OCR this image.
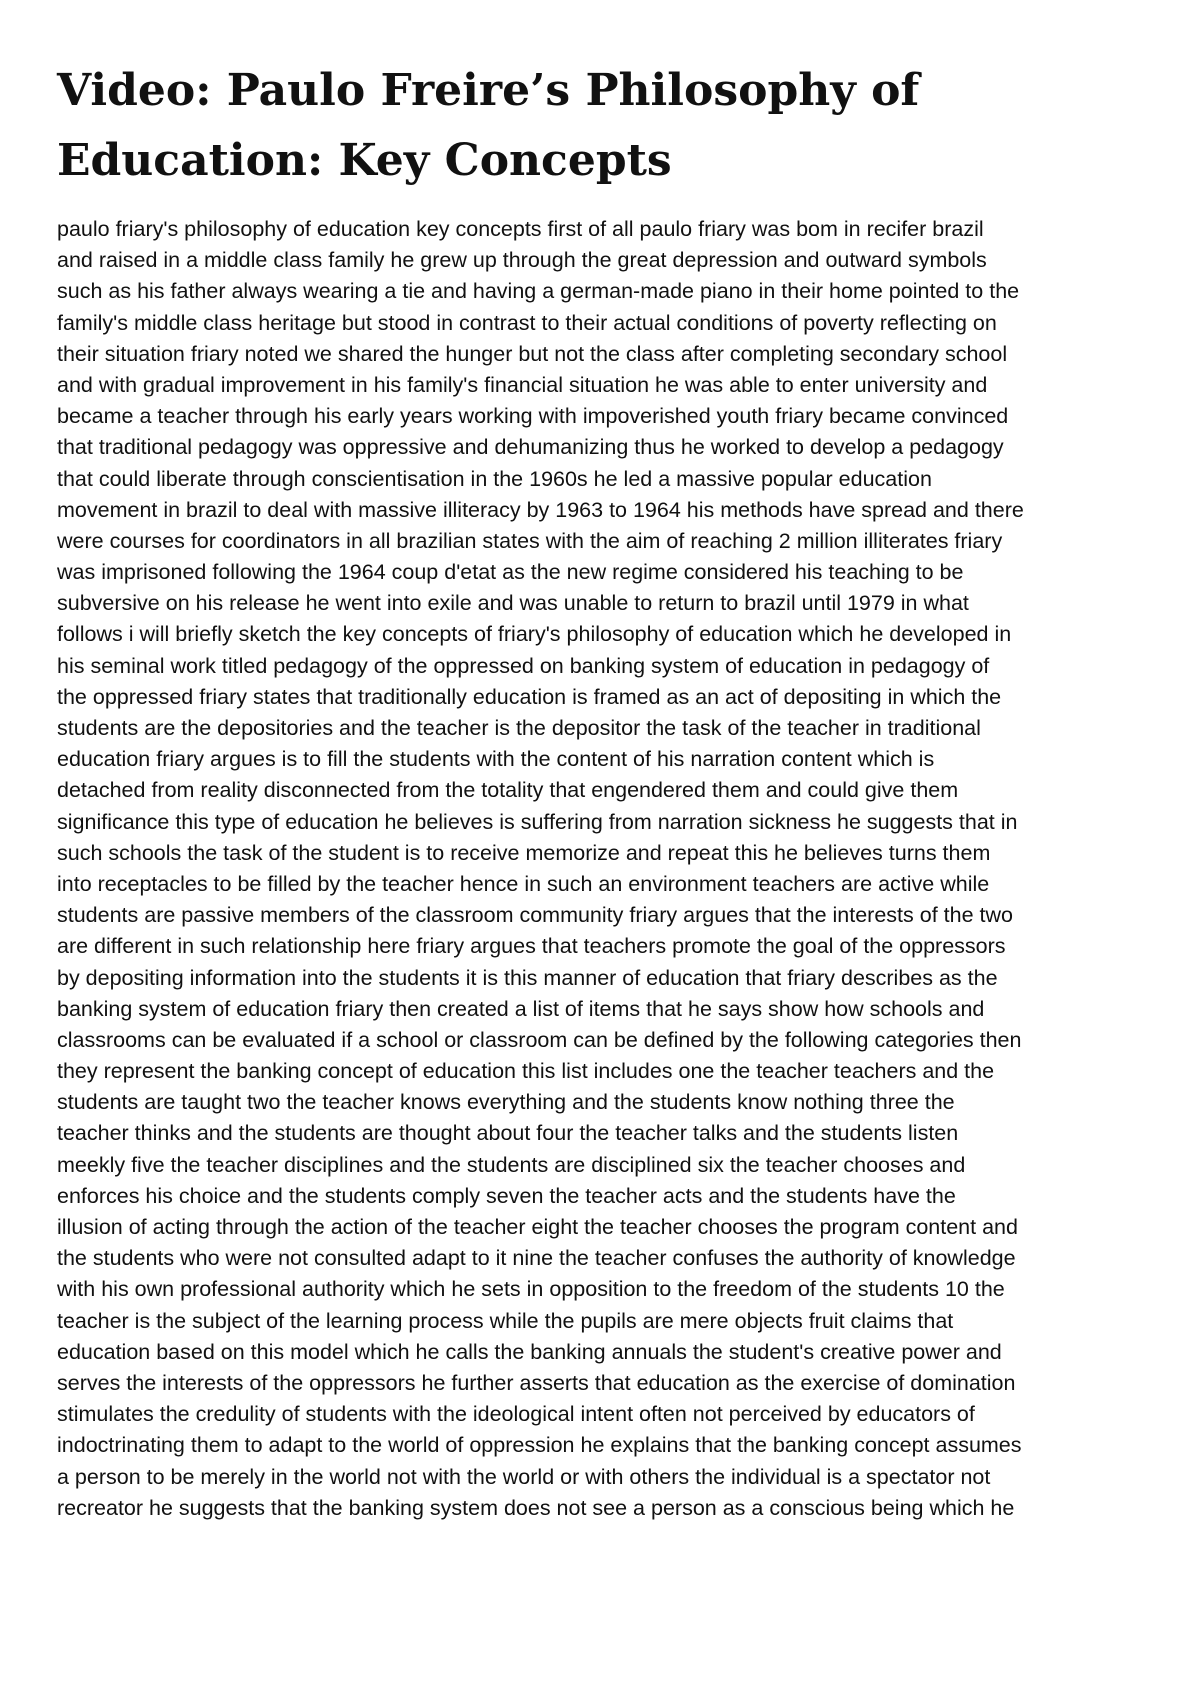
Video: Paulo Freire’s Philosophy of
Education: Key Concepts
paulo friary's philosophy of education key concepts first of all paulo friary was bom in recifer brazil
and raised in a middle class family he grew up through the great depression and outward symbols
such as his father always wearing a tie and having a german-made piano in their home pointed to the
family's middle class heritage but stood in contrast to their actual conditions of poverty reflecting on
their situation friary noted we shared the hunger but not the class after completing secondary school
and with gradual improvement in his family's financial situation he was able to enter university and
became a teacher through his early years working with impoverished youth friary became convinced
that traditional pedagogy was oppressive and dehumanizing thus he worked to develop a pedagogy
that could liberate through conscientisation in the 1960s he led a massive popular education
movement in brazil to deal with massive illiteracy by 1963 to 1964 his methods have spread and there
were courses for coordinators in all brazilian states with the aim of reaching 2 million illiterates friary
was imprisoned following the 1964 coup d'etat as the new regime considered his teaching to be
subversive on his release he went into exile and was unable to return to brazil until 1979 in what
follows i will briefly sketch the key concepts of friary's philosophy of education which he developed in
his seminal work titled pedagogy of the oppressed on banking system of education in pedagogy of
the oppressed friary states that traditionally education is framed as an act of depositing in which the
students are the depositories and the teacher is the depositor the task of the teacher in traditional
education friary argues is to fill the students with the content of his narration content which is
detached from reality disconnected from the totality that engendered them and could give them
significance this type of education he believes is suffering from narration sickness he suggests that in
such schools the task of the student is to receive memorize and repeat this he believes turns them
into receptacles to be filled by the teacher hence in such an environment teachers are active while
students are passive members of the classroom community friary argues that the interests of the two
are different in such relationship here friary argues that teachers promote the goal of the oppressors
by depositing information into the students it is this manner of education that friary describes as the
banking system of education friary then created a list of items that he says show how schools and
classrooms can be evaluated if a school or classroom can be defined by the following categories then
they represent the banking concept of education this list includes one the teacher teachers and the
students are taught two the teacher knows everything and the students know nothing three the
teacher thinks and the students are thought about four the teacher talks and the students listen
meekly five the teacher disciplines and the students are disciplined six the teacher chooses and
enforces his choice and the students comply seven the teacher acts and the students have the
illusion of acting through the action of the teacher eight the teacher chooses the program content and
the students who were not consulted adapt to it nine the teacher confuses the authority of knowledge
with his own professional authority which he sets in opposition to the freedom of the students 10 the
teacher is the subject of the learning process while the pupils are mere objects fruit claims that
education based on this model which he calls the banking annuals the student's creative power and
serves the interests of the oppressors he further asserts that education as the exercise of domination
stimulates the credulity of students with the ideological intent often not perceived by educators of
indoctrinating them to adapt to the world of oppression he explains that the banking concept assumes
a person to be merely in the world not with the world or with others the individual is a spectator not
recreator he suggests that the banking system does not see a person as a conscious being which he
